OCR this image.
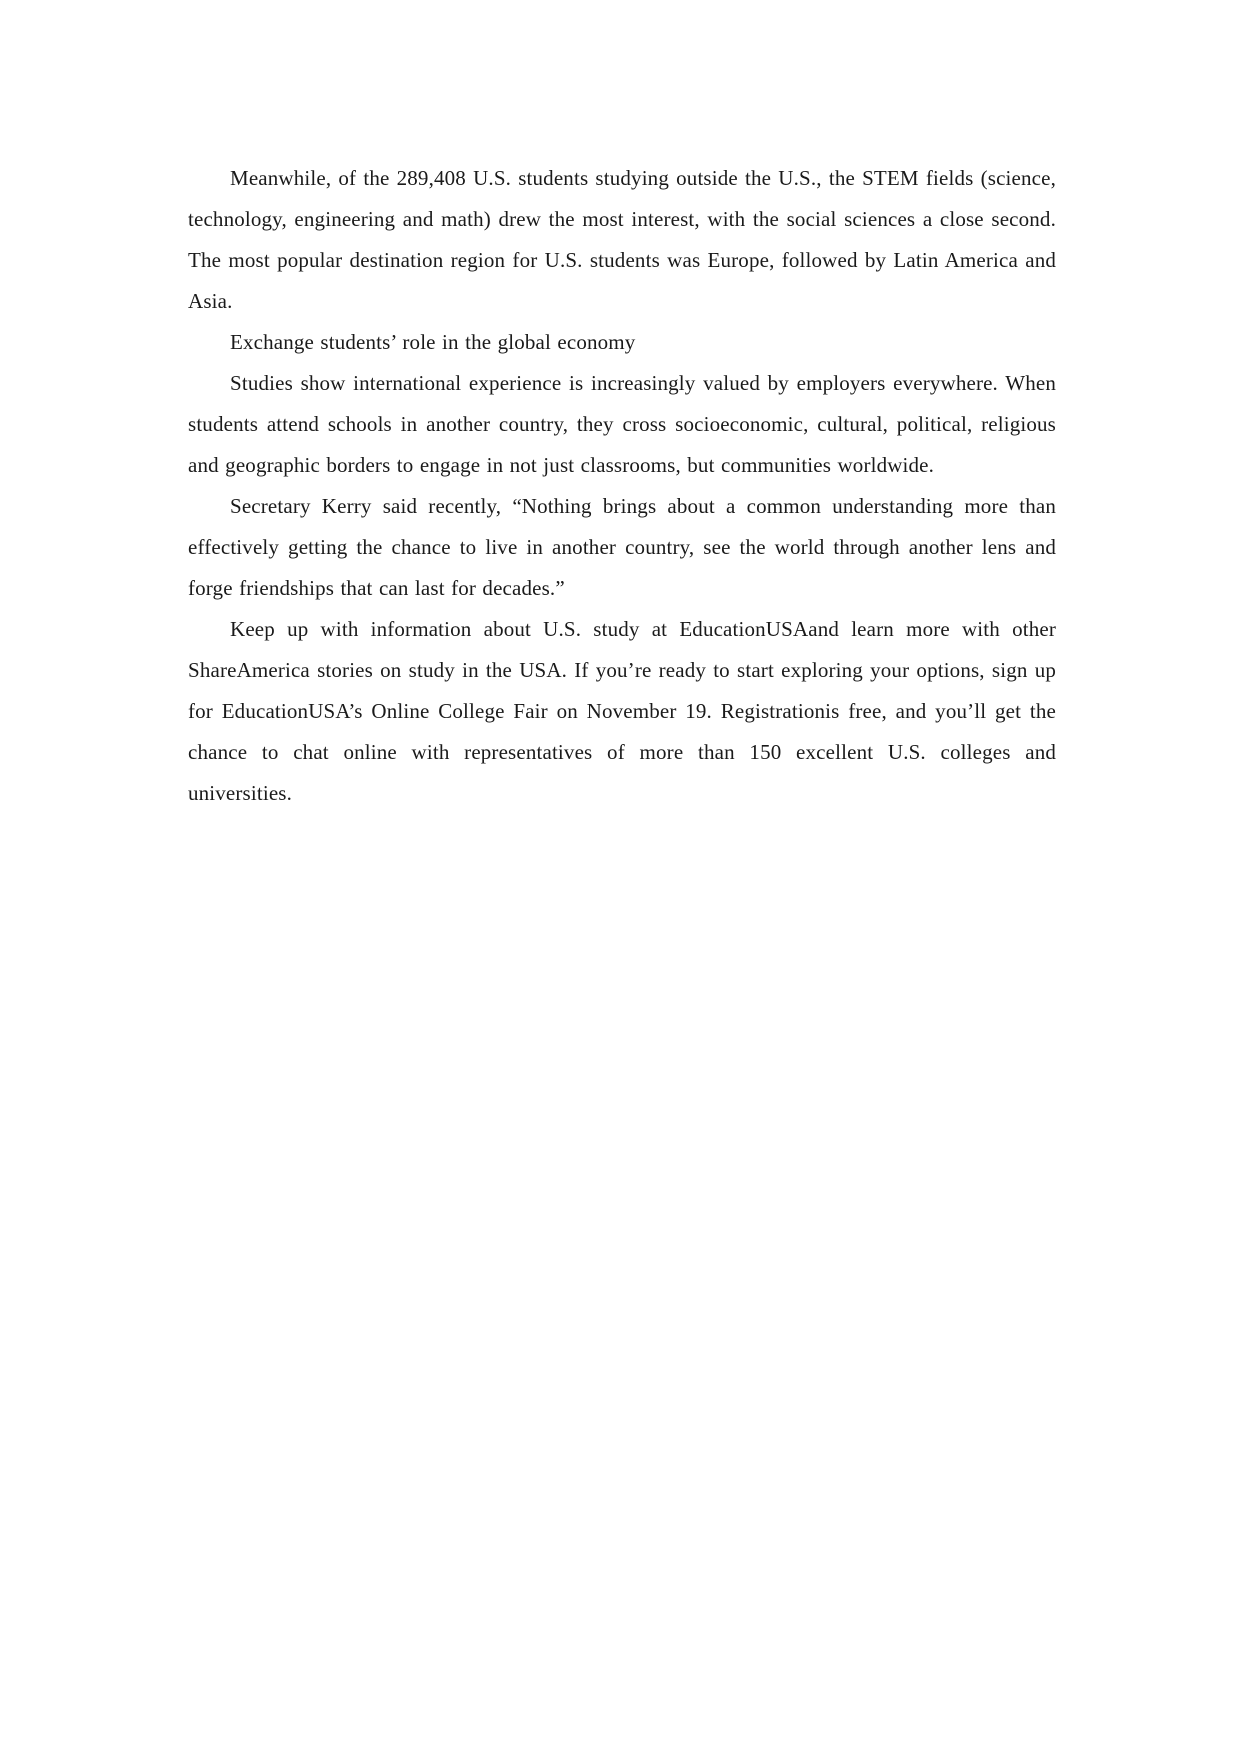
Meanwhile, of the 289,408 U.S. students studying outside the U.S., the STEM fields (science, technology, engineering and math) drew the most interest, with the social sciences a close second. The most popular destination region for U.S. students was Europe, followed by Latin America and Asia.

Exchange students’ role in the global economy

Studies show international experience is increasingly valued by employers everywhere. When students attend schools in another country, they cross socioeconomic, cultural, political, religious and geographic borders to engage in not just classrooms, but communities worldwide.

Secretary Kerry said recently, “Nothing brings about a common understanding more than effectively getting the chance to live in another country, see the world through another lens and forge friendships that can last for decades.”

Keep up with information about U.S. study at EducationUSAand learn more with other ShareAmerica stories on study in the USA. If you’re ready to start exploring your options, sign up for EducationUSA’s Online College Fair on November 19. Registrationis free, and you’ll get the chance to chat online with representatives of more than 150 excellent U.S. colleges and universities.
